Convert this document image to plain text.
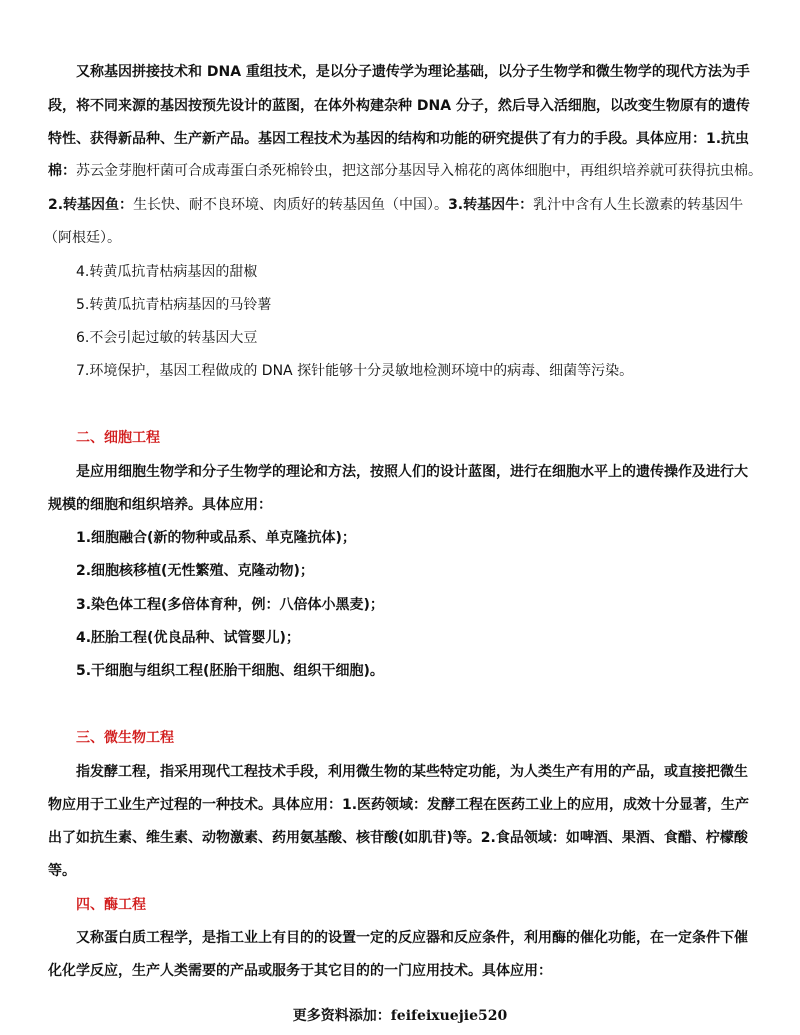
又称基因拼接技术和 DNA 重组技术，是以分子遗传学为理论基础，以分子生物学和微生物学的现代方法为手
段，将不同来源的基因按预先设计的蓝图，在体外构建杂种 DNA 分子，然后导入活细胞，以改变生物原有的遗传
特性、获得新品种、生产新产品。基因工程技术为基因的结构和功能的研究提供了有力的手段。具体应用：1.抗虫
棉：苏云金芽胞杆菌可合成毒蛋白杀死棉铃虫，把这部分基因导入棉花的离体细胞中，再组织培养就可获得抗虫棉。
2.转基因鱼：生长快、耐不良环境、肉质好的转基因鱼（中国）。3.转基因牛：乳汁中含有人生长激素的转基因牛
（阿根廷）。
4.转黄瓜抗青枯病基因的甜椒
5.转黄瓜抗青枯病基因的马铃薯
6.不会引起过敏的转基因大豆
7.环境保护，基因工程做成的 DNA 探针能够十分灵敏地检测环境中的病毒、细菌等污染。
二、细胞工程
是应用细胞生物学和分子生物学的理论和方法，按照人们的设计蓝图，进行在细胞水平上的遗传操作及进行大
规模的细胞和组织培养。具体应用：
1.细胞融合(新的物种或品系、单克隆抗体)；
2.细胞核移植(无性繁殖、克隆动物)；
3.染色体工程(多倍体育种，例：八倍体小黑麦)；
4.胚胎工程(优良品种、试管婴儿)；
5.干细胞与组织工程(胚胎干细胞、组织干细胞)。
三、微生物工程
指发酵工程，指采用现代工程技术手段，利用微生物的某些特定功能，为人类生产有用的产品，或直接把微生
物应用于工业生产过程的一种技术。具体应用：1.医药领域：发酵工程在医药工业上的应用，成效十分显著，生产
出了如抗生素、维生素、动物激素、药用氨基酸、核苷酸(如肌苷)等。2.食品领域：如啤酒、果酒、食醋、柠檬酸
等。
四、酶工程
又称蛋白质工程学，是指工业上有目的的设置一定的反应器和反应条件，利用酶的催化功能，在一定条件下催
化化学反应，生产人类需要的产品或服务于其它目的的一门应用技术。具体应用：
更多资料添加：feifeixuejie520
